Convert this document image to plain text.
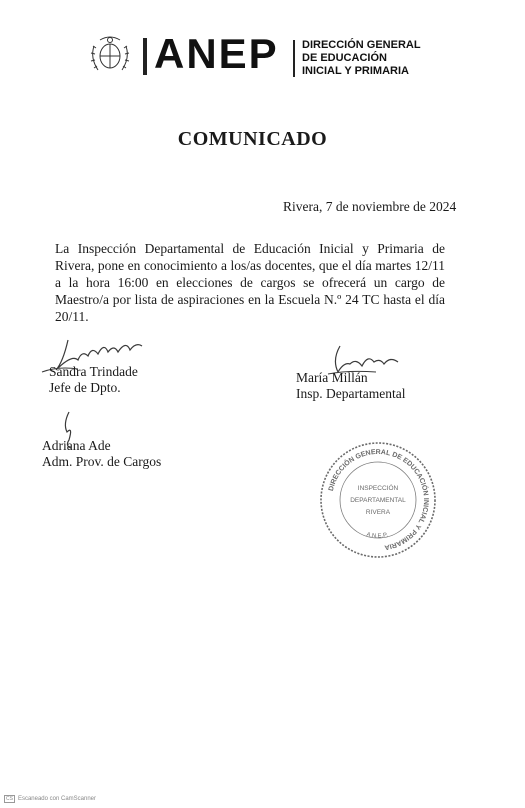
ANEP DIRECCIÓN GENERAL
DE EDUCACIÓN
INICIAL Y PRIMARIA
COMUNICADO
Rivera, 7 de noviembre de 2024
La Inspección Departamental de Educación Inicial y Primaria de Rivera, pone en conocimiento a los/as docentes, que el día martes 12/11 a la hora 16:00 en elecciones de cargos se ofrecerá un cargo de Maestro/a por lista de aspiraciones en la Escuela N.º 24 TC hasta el día 20/11.
Sandra Trindade
Jefe de Dpto.
María Millán
Insp. Departamental
Adriana Ade
Adm. Prov. de Cargos
DIRECCIÓN GENERAL DE EDUCACIÓN INICIAL Y PRIMARIA
A.N.E.P.
INSPECCIÓN
DEPARTAMENTAL
RIVERA
CS Escaneado con CamScanner
